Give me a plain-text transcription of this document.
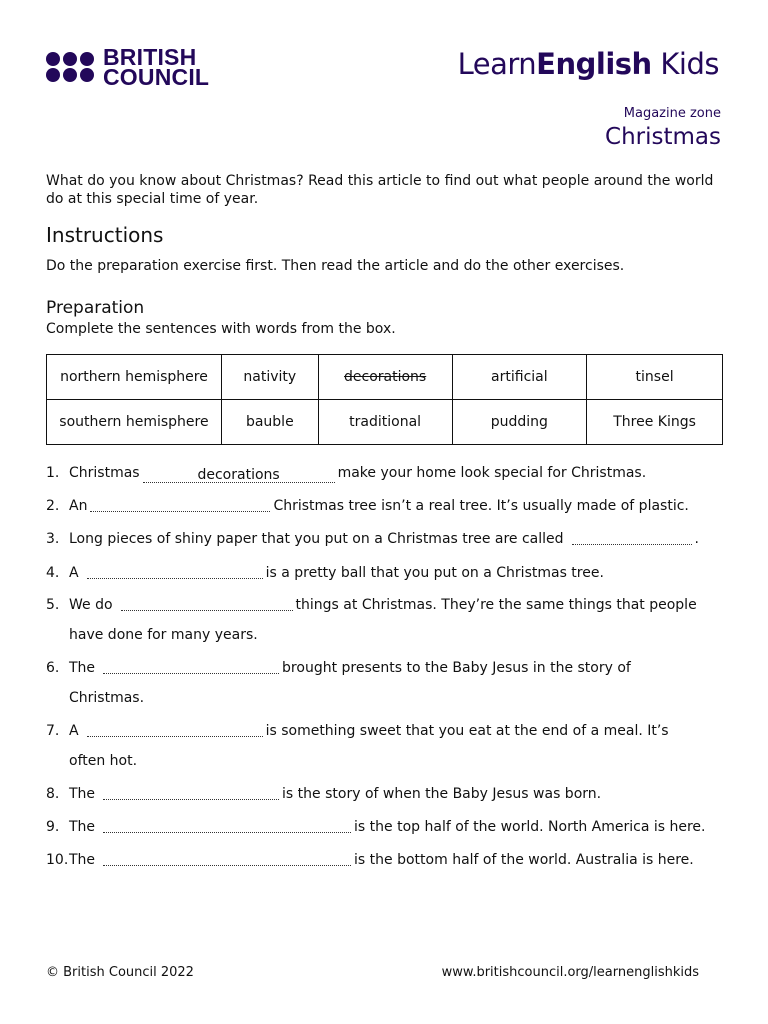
BRITISH
COUNCIL	LearnEnglish Kids
Magazine zone
Christmas

What do you know about Christmas? Read this article to find out what people around the world do at this special time of year.

Instructions

Do the preparation exercise first. Then read the article and do the other exercises.

Preparation

Complete the sentences with words from the box.

northern hemisphere	nativity	decorations	artificial	tinsel
southern hemisphere	bauble	traditional	pudding	Three Kings
1. Christmas	decorations	make your home look special for Christmas.
2. An	Christmas tree isn’t a real tree. It’s usually made of plastic.
3. Long pieces of shiny paper that you put on a Christmas tree are called	.
4. A	is a pretty ball that you put on a Christmas tree.
5. We do	things at Christmas. They’re the same things that people
have done for many years.
6. The	brought presents to the Baby Jesus in the story of
Christmas.
7. A	is something sweet that you eat at the end of a meal. It’s
often hot.
8. The	is the story of when the Baby Jesus was born.
9. The	is the top half of the world. North America is here.
10.The	is the bottom half of the world. Australia is here.
© British Council 2022	www.britishcouncil.org/learnenglishkids
